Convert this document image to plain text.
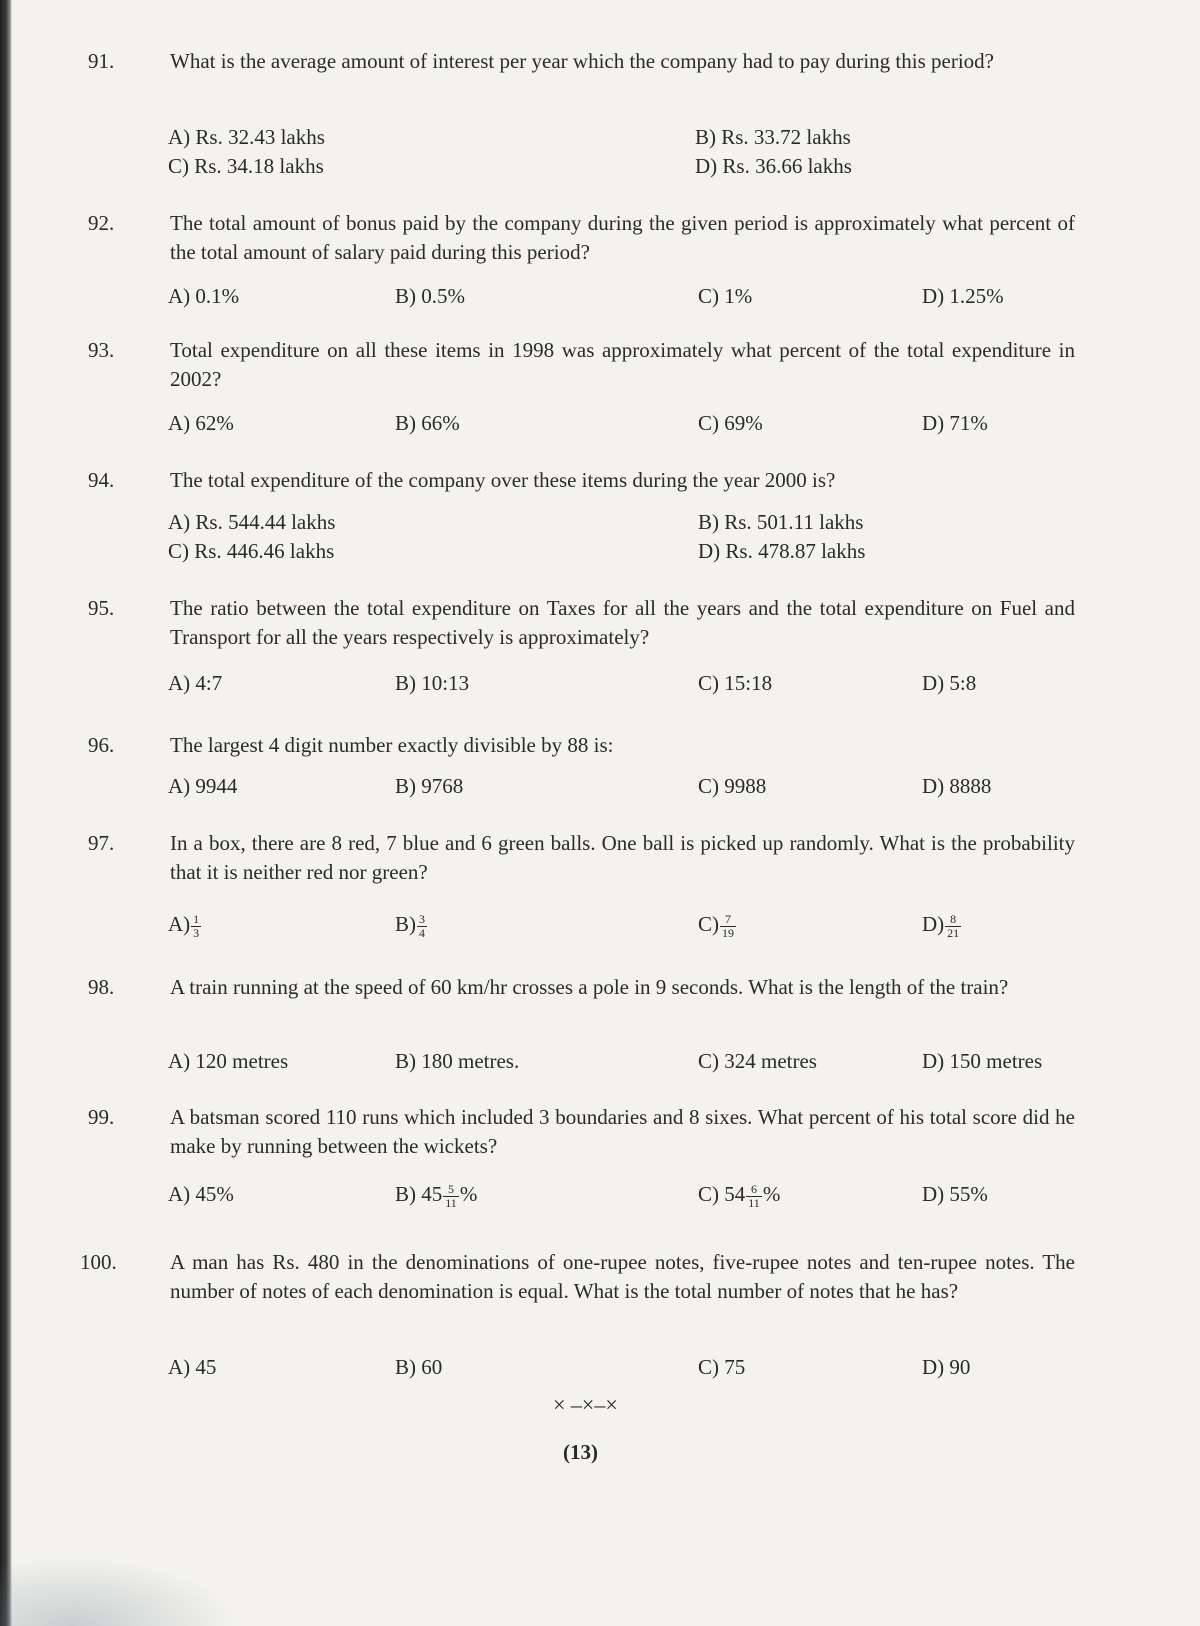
91.	What is the average amount of interest per year which the company had to pay during this period?
A) Rs. 32.43 lakhs	B) Rs. 33.72 lakhs
C) Rs. 34.18 lakhs	D) Rs. 36.66 lakhs
92.	The total amount of bonus paid by the company during the given period is approximately what percent of the total amount of salary paid during this period?
A) 0.1%	B) 0.5%	C) 1%	D) 1.25%
93.	Total expenditure on all these items in 1998 was approximately what percent of the total expenditure in 2002?
A) 62%	B) 66%	C) 69%	D) 71%
94.	The total expenditure of the company over these items during the year 2000 is?
A) Rs. 544.44 lakhs	B) Rs. 501.11 lakhs
C) Rs. 446.46 lakhs	D) Rs. 478.87 lakhs
95.	The ratio between the total expenditure on Taxes for all the years and the total expenditure on Fuel and Transport for all the years respectively is approximately?
A) 4:7	B) 10:13	C) 15:18	D) 5:8
96.	The largest 4 digit number exactly divisible by 88 is:
A) 9944	B) 9768	C) 9988	D) 8888
97.	In a box, there are 8 red, 7 blue and 6 green balls. One ball is picked up randomly. What is the probability that it is neither red nor green?
$A) \frac{1}{3}$	$B) \frac{3}{4}$	$C) \frac{7}{19}$	$D) \frac{8}{21}$
98.	A train running at the speed of 60 km/hr crosses a pole in 9 seconds. What is the length of the train?
A) 120 metres	B) 180 metres.	C) 324 metres	D) 150 metres
99.	A batsman scored 110 runs which included 3 boundaries and 8 sixes. What percent of his total score did he make by running between the wickets?
A) 45%	B) $45 \frac{5}{11}$ %	C) $54 \frac{6}{11}$ %	D) 55%
100.	A man has Rs. 480 in the denominations of one-rupee notes, five-rupee notes and ten-rupee notes. The number of notes of each denomination is equal. What is the total number of notes that he has?
A) 45	B) 60	C) 75	D) 90
× –×–×
(13)
